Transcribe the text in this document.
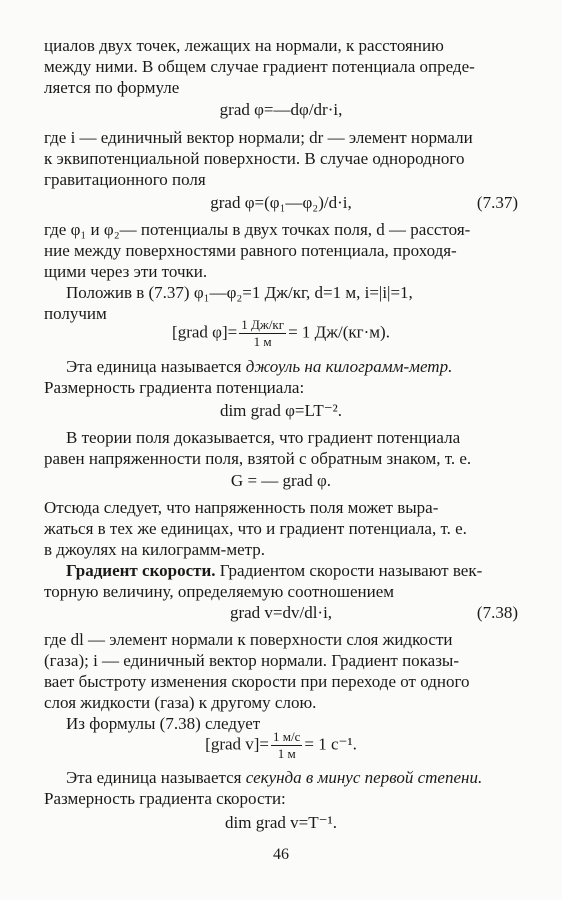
циалов двух точек, лежащих на нормали, к расстоянию

между ними. В общем случае градиент потенциала опреде-

ляется по формуле

grad φ=—dφ/dr·i,

где i — единичный вектор нормали; dr — элемент нормали

к эквипотенциальной поверхности. В случае однородного

гравитационного поля

grad φ=(φ₁—φ₂)/d·i,	(7.37)

где φ₁ и φ₂— потенциалы в двух точках поля, d — расстоя-

ние между поверхностями равного потенциала, проходя-

щими через эти точки.

Положив в (7.37) φ₁—φ₂=1 Дж/кг, d=1 м, i=|i|=1,

получим

[grad $\varphi]= \frac{1 Дж/кг}{1 м} = 1$ Дж/(кг·м).

Эта единица называется джоуль на килограмм-метр.

Размерность градиента потенциала:

dim grad φ=LT⁻².

В теории поля доказывается, что градиент потенциала

равен напряженности поля, взятой с обратным знаком, т. е.

G = — grad φ.

Отсюда следует, что напряженность поля может выра-

жаться в тех же единицах, что и градиент потенциала, т. е.

в джоулях на килограмм-метр.

Градиент скорости. Градиентом скорости называют век-

торную величину, определяемую соотношением

grad v=dv/dl·i,	(7.38)

где dl — элемент нормали к поверхности слоя жидкости

(газа); i — единичный вектор нормали. Градиент показы-

вает быстроту изменения скорости при переходе от одного

слоя жидкости (газа) к другому слою.

Из формулы (7.38) следует

[grad $v]= \frac{1 м/с}{1 м} = 1$ с⁻¹.

Эта единица называется секунда в минус первой степени.

Размерность градиента скорости:

dim grad v=T⁻¹.

46
